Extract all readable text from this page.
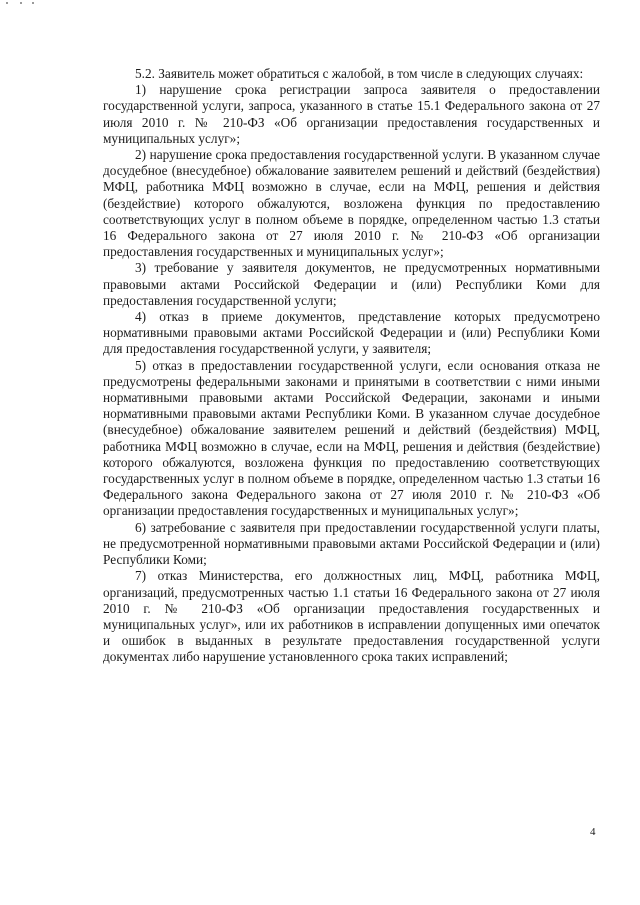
5.2. Заявитель может обратиться с жалобой, в том числе в следующих случаях:

1) нарушение срока регистрации запроса заявителя о предоставлении государственной услуги, запроса, указанного в статье 15.1 Федерального закона от 27 июля 2010 г. № 210-ФЗ «Об организации предоставления государственных и муниципальных услуг»;

2) нарушение срока предоставления государственной услуги. В указанном случае досудебное (внесудебное) обжалование заявителем решений и действий (бездействия) МФЦ, работника МФЦ возможно в случае, если на МФЦ, решения и действия (бездействие) которого обжалуются, возложена функция по предоставлению соответствующих услуг в полном объеме в порядке, определенном частью 1.3 статьи 16 Федерального закона от 27 июля 2010 г. № 210-ФЗ «Об организации предоставления государственных и муниципальных услуг»;

3) требование у заявителя документов, не предусмотренных нормативными правовыми актами Российской Федерации и (или) Республики Коми для предоставления государственной услуги;

4) отказ в приеме документов, представление которых предусмотрено нормативными правовыми актами Российской Федерации и (или) Республики Коми для предоставления государственной услуги, у заявителя;

5) отказ в предоставлении государственной услуги, если основания отказа не предусмотрены федеральными законами и принятыми в соответствии с ними иными нормативными правовыми актами Российской Федерации, законами и иными нормативными правовыми актами Республики Коми. В указанном случае досудебное (внесудебное) обжалование заявителем решений и действий (бездействия) МФЦ, работника МФЦ возможно в случае, если на МФЦ, решения и действия (бездействие) которого обжалуются, возложена функция по предоставлению соответствующих государственных услуг в полном объеме в порядке, определенном частью 1.3 статьи 16 Федерального закона Федерального закона от 27 июля 2010 г. № 210-ФЗ «Об организации предоставления государственных и муниципальных услуг»;

6) затребование с заявителя при предоставлении государственной услуги платы, не предусмотренной нормативными правовыми актами Российской Федерации и (или) Республики Коми;

7) отказ Министерства, его должностных лиц, МФЦ, работника МФЦ, организаций, предусмотренных частью 1.1 статьи 16 Федерального закона от 27 июля 2010 г. № 210-ФЗ «Об организации предоставления государственных и муниципальных услуг», или их работников в исправлении допущенных ими опечаток и ошибок в выданных в результате предоставления государственной услуги документах либо нарушение установленного срока таких исправлений;

4
